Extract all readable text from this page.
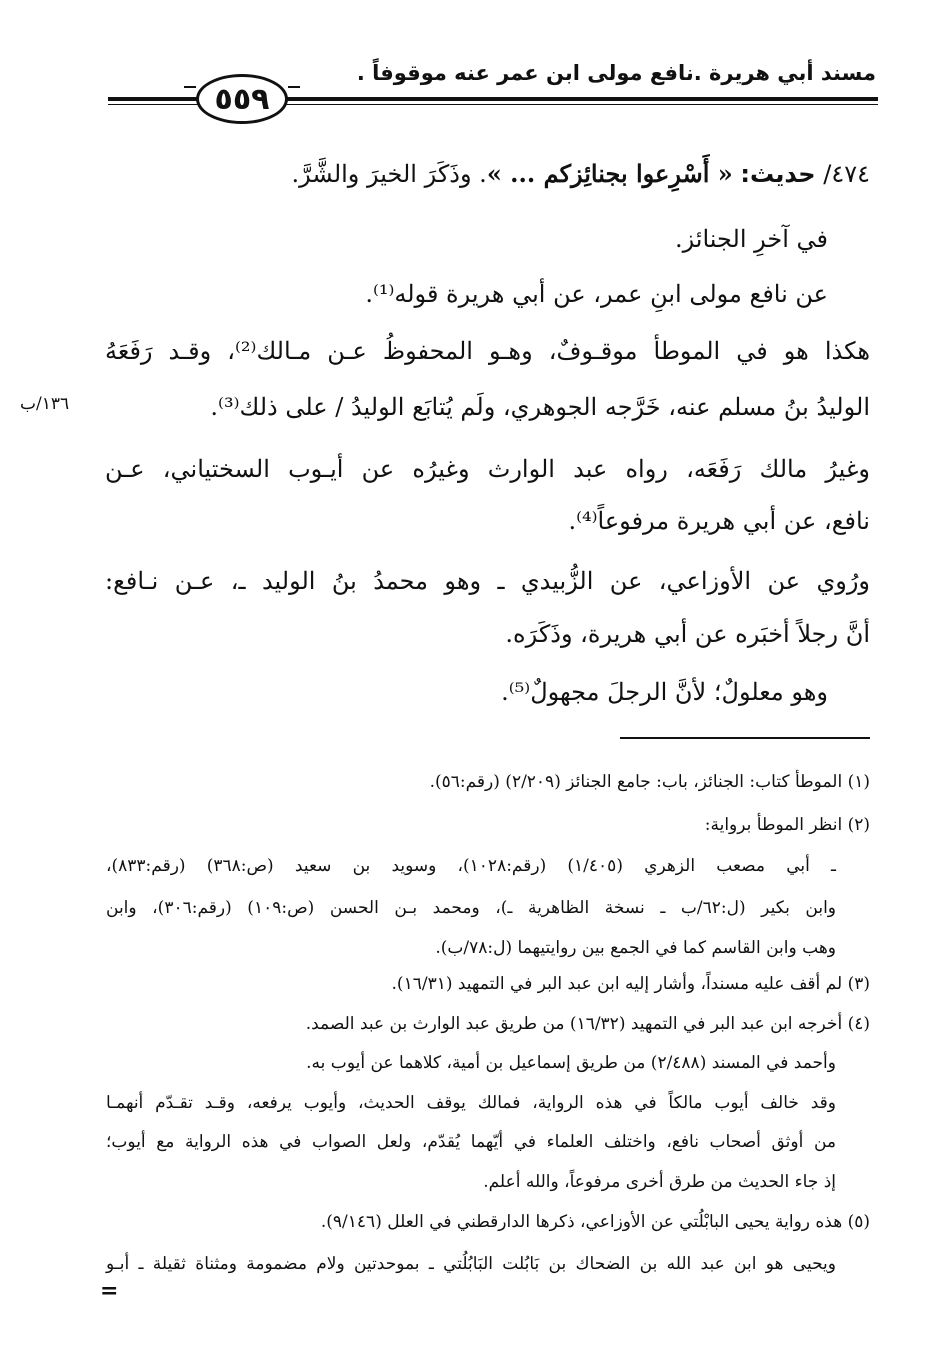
مسند أبي هريرة .نافع مولى ابن عمر عنه موقوفاً .
٥٥٩
٤٧٤/ حديث: « أَسْرِعوا بجنائِزكم ... ». وذَكَرَ الخيرَ والشَّرَّ.
في آخرِ الجنائز.
عن نافع مولى ابنِ عمر، عن أبي هريرة قوله⁽¹⁾.
هكذا هو في الموطأ موقـوفٌ، وهـو المحفوظُ عـن مـالك⁽²⁾، وقـد رَفَعَهُ
الوليدُ بنُ مسلم عنه، خَرَّجه الجوهري، ولَم يُتابَع الوليدُ / على ذلك⁽³⁾.
وغيرُ مالك رَفَعَه، رواه عبد الوارث وغيرُه عن أيـوب السختياني، عـن
نافع، عن أبي هريرة مرفوعاً⁽⁴⁾.
ورُوي عن الأوزاعي، عن الزُّبيدي ـ وهو محمدُ بنُ الوليد ـ، عـن نـافع:
أنَّ رجلاً أخبَره عن أبي هريرة، وذَكَرَه.
وهو معلولٌ؛ لأنَّ الرجلَ مجهولٌ⁽⁵⁾.
١٣٦/ب
(١) الموطأ كتاب: الجنائز، باب: جامع الجنائز (٢/٢٠٩) (رقم:٥٦).
(٢) انظر الموطأ برواية:
ـ أبي مصعب الزهري (١/٤٠٥) (رقم:١٠٢٨)، وسويد بن سعيد (ص:٣٦٨) (رقم:٨٣٣)،
وابن بكير (ل:٦٢/ب ـ نسخة الظاهرية ـ)، ومحمد بـن الحسن (ص:١٠٩) (رقم:٣٠٦)، وابن
وهب وابن القاسم كما في الجمع بين روايتيهما (ل:٧٨/ب).
(٣) لم أقف عليه مسنداً، وأشار إليه ابن عبد البر في التمهيد (١٦/٣١).
(٤) أخرجه ابن عبد البر في التمهيد (١٦/٣٢) من طريق عبد الوارث بن عبد الصمد.
وأحمد في المسند (٢/٤٨٨) من طريق إسماعيل بن أمية، كلاهما عن أيوب به.
وقد خالف أيوب مالكاً في هذه الرواية، فمالك يوقف الحديث، وأيوب يرفعه، وقـد تقـدّم أنهمـا
من أوثق أصحاب نافع، واختلف العلماء في أيّهما يُقدّم، ولعل الصواب في هذه الرواية مع أيوب؛
إذ جاء الحديث من طرق أخرى مرفوعاً، والله أعلم.
(٥) هذه رواية يحيى البابْلُتي عن الأوزاعي، ذكرها الدارقطني في العلل (٩/١٤٦).
ويحيى هو ابن عبد الله بن الضحاك بن بَابُلت البَابُلُتي ـ بموحدتين ولام مضمومة ومثناة ثقيلة ـ أبـو
=
